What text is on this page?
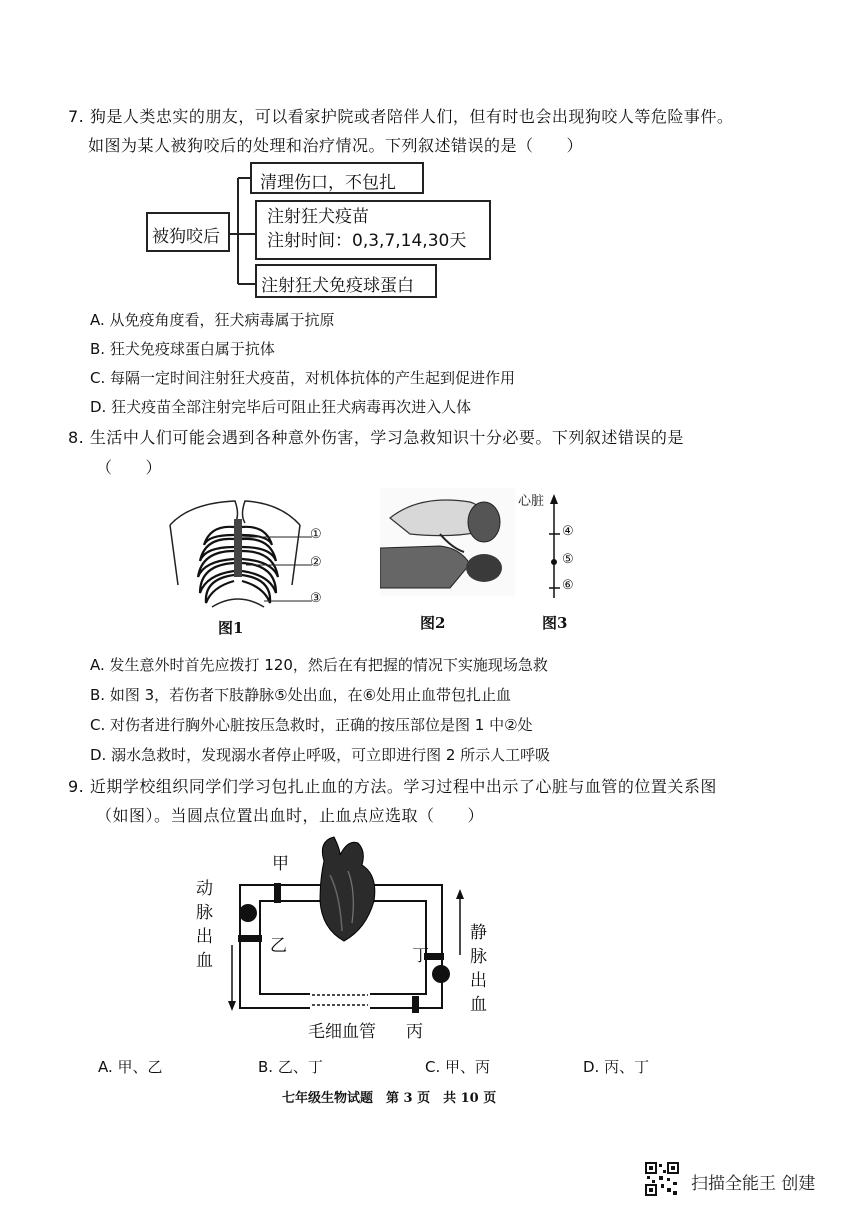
7. 狗是人类忠实的朋友，可以看家护院或者陪伴人们，但有时也会出现狗咬人等危险事件。
如图为某人被狗咬后的处理和治疗情况。下列叙述错误的是（　　）
被狗咬后
清理伤口，不包扎
注射狂犬疫苗
注射时间：0,3,7,14,30天
注射狂犬免疫球蛋白
A. 从免疫角度看，狂犬病毒属于抗原
B. 狂犬免疫球蛋白属于抗体
C. 每隔一定时间注射狂犬疫苗，对机体抗体的产生起到促进作用
D. 狂犬疫苗全部注射完毕后可阻止狂犬病毒再次进入人体
8. 生活中人们可能会遇到各种意外伤害，学习急救知识十分必要。下列叙述错误的是
（　　）
①
②
③
图1	图2
心脏
④
⑤
⑥
图3
A. 发生意外时首先应拨打 120，然后在有把握的情况下实施现场急救
B. 如图 3，若伤者下肢静脉⑤处出血，在⑥处用止血带包扎止血
C. 对伤者进行胸外心脏按压急救时，正确的按压部位是图 1 中②处
D. 溺水急救时，发现溺水者停止呼吸，可立即进行图 2 所示人工呼吸
9. 近期学校组织同学们学习包扎止血的方法。学习过程中出示了心脏与血管的位置关系图
（如图）。当圆点位置出血时，止血点应选取（　　）
甲
乙	丁
丙
毛细血管
动
脉
出
血
静
脉
出
血
A. 甲、乙	B. 乙、丁	C. 甲、丙	D. 丙、丁
七年级生物试题　第 3 页　共 10 页
扫描全能王 创建
